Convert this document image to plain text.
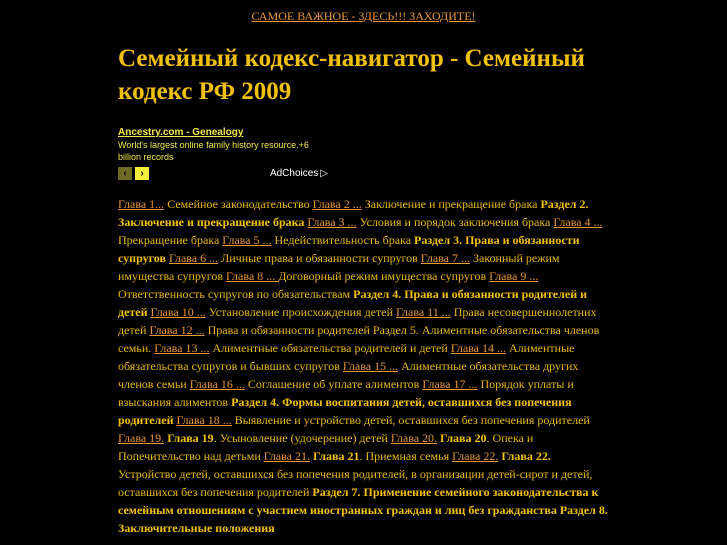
САМОЕ ВАЖНОЕ - ЗДЕСЬ!!! ЗАХОДИТЕ!
Семейный кодекс-навигатор - Семейный кодекс РФ 2009
Ancestry.com - Genealogy
World's largest online family history resource.+6 billion records
‹ ›	AdChoices ▷
Глава 1... Семейное законодательство Глава 2 ... Заключение и прекращение брака Раздел 2. Заключение и прекращение брака Глава 3 ... Условия и порядок заключения брака Глава 4 ... Прекращение брака Глава 5 ... Недействительность брака Раздел 3. Права и обязанности супругов Глава 6 ... Личные права и обязанности супругов Глава 7 ... Законный режим имущества супругов Глава 8 ... Договорный режим имущества супругов Глава 9 ... Ответственность супругов по обязательствам Раздел 4. Права и обязанности родителей и детей Глава 10 ... Установление происхождения детей Глава 11 ... Права несовершеннолетних детей Глава 12 ... Права и обязанности родителей Раздел 5. Алиментные обязательства членов семьи. Глава 13 ... Алиментные обязательства родителей и детей Глава 14 ... Алиментные обязательства супругов и бывших супругов Глава 15 ... Алиментные обязательства других членов семьи Глава 16 ... Соглашение об уплате алиментов Глава 17 ... Порядок уплаты и взыскания алиментов Раздел 4. Формы воспитания детей, оставшихся без попечения родителей Глава 18 ... Выявление и устройство детей, оставшихся без попечения родителей Глава 19. Глава 19. Усыновление (удочерение) детей Глава 20. Глава 20. Опека и Попечительство над детьми Глава 21. Глава 21. Приемная семья Глава 22. Глава 22. Устройство детей, оставшихся без попечения родителей, в организации детей-сирот и детей, оставшихся без попечения родителей Раздел 7. Применение семейного законодательства к семейным отношениям с участием иностранных граждан и лиц без гражданства Раздел 8. Заключительные положения
